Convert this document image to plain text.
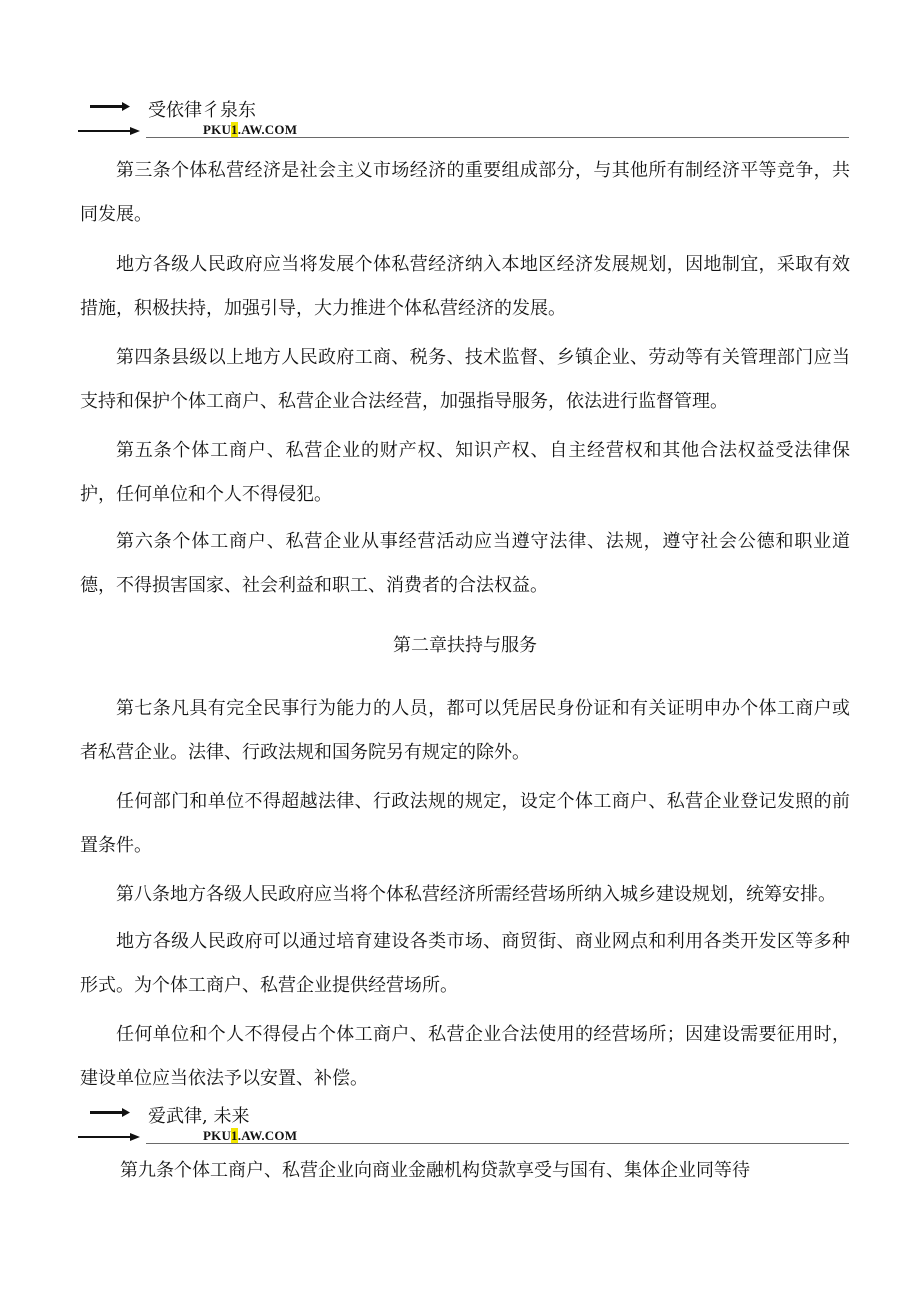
受依律彳泉东
PKU1.AW.COM

第三条个体私营经济是社会主义市场经济的重要组成部分，与其他所有制经济平等竞争，共同发展。

地方各级人民政府应当将发展个体私营经济纳入本地区经济发展规划，因地制宜，采取有效措施，积极扶持，加强引导，大力推进个体私营经济的发展。

第四条县级以上地方人民政府工商、税务、技术监督、乡镇企业、劳动等有关管理部门应当支持和保护个体工商户、私营企业合法经营，加强指导服务，依法进行监督管理。

第五条个体工商户、私营企业的财产权、知识产权、自主经营权和其他合法权益受法律保护，任何单位和个人不得侵犯。

第六条个体工商户、私营企业从事经营活动应当遵守法律、法规，遵守社会公德和职业道德，不得损害国家、社会利益和职工、消费者的合法权益。

第二章扶持与服务

第七条凡具有完全民事行为能力的人员，都可以凭居民身份证和有关证明申办个体工商户或者私营企业。法律、行政法规和国务院另有规定的除外。

任何部门和单位不得超越法律、行政法规的规定，设定个体工商户、私营企业登记发照的前置条件。

第八条地方各级人民政府应当将个体私营经济所需经营场所纳入城乡建设规划，统筹安排。

地方各级人民政府可以通过培育建设各类市场、商贸街、商业网点和利用各类开发区等多种形式。为个体工商户、私营企业提供经营场所。

任何单位和个人不得侵占个体工商户、私营企业合法使用的经营场所；因建设需要征用时，建设单位应当依法予以安置、补偿。

爱武律, 未来
PKU1.AW.COM

第九条个体工商户、私营企业向商业金融机构贷款享受与国有、集体企业同等待
